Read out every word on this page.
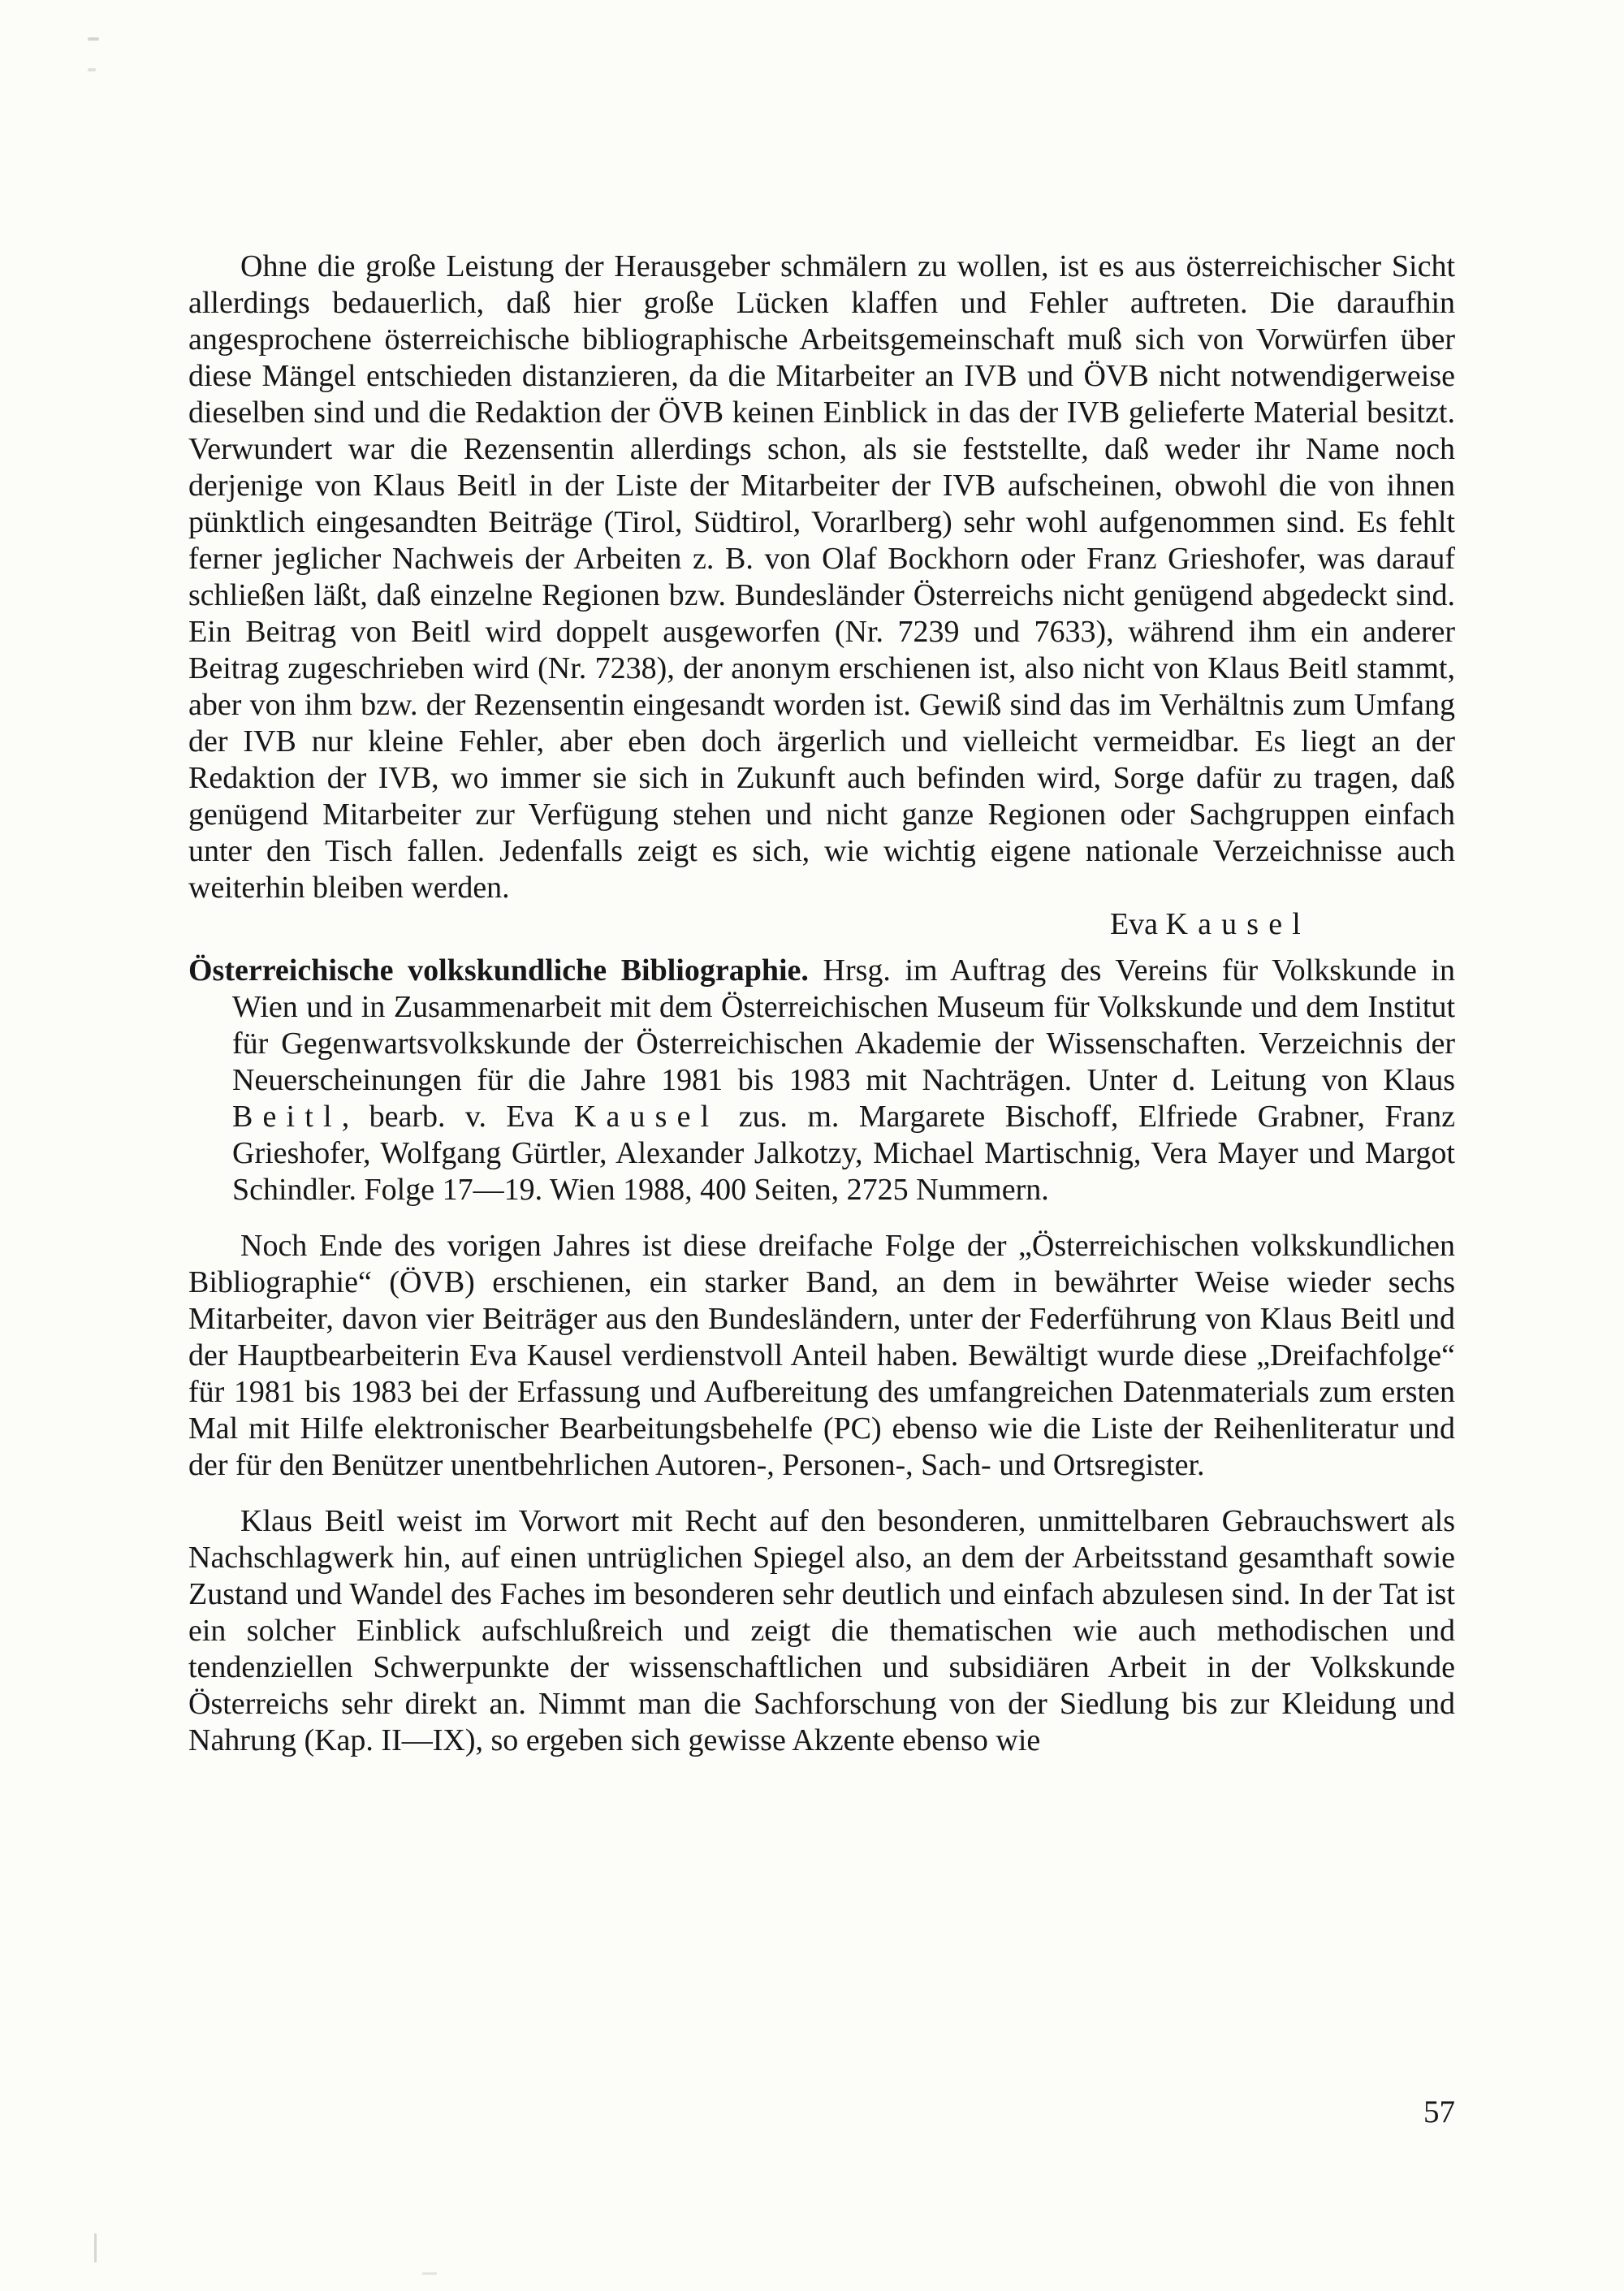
Ohne die große Leistung der Herausgeber schmälern zu wollen, ist es aus österreichischer Sicht allerdings bedauerlich, daß hier große Lücken klaffen und Fehler auftreten. Die daraufhin angesprochene österreichische bibliographische Arbeitsgemeinschaft muß sich von Vorwürfen über diese Mängel entschieden distanzieren, da die Mitarbeiter an IVB und ÖVB nicht notwendigerweise dieselben sind und die Redaktion der ÖVB keinen Einblick in das der IVB gelieferte Material besitzt. Verwundert war die Rezensentin allerdings schon, als sie feststellte, daß weder ihr Name noch derjenige von Klaus Beitl in der Liste der Mitarbeiter der IVB aufscheinen, obwohl die von ihnen pünktlich eingesandten Beiträge (Tirol, Südtirol, Vorarlberg) sehr wohl aufgenommen sind. Es fehlt ferner jeglicher Nachweis der Arbeiten z. B. von Olaf Bockhorn oder Franz Grieshofer, was darauf schließen läßt, daß einzelne Regionen bzw. Bundesländer Österreichs nicht genügend abgedeckt sind. Ein Beitrag von Beitl wird doppelt ausgeworfen (Nr. 7239 und 7633), während ihm ein anderer Beitrag zugeschrieben wird (Nr. 7238), der anonym erschienen ist, also nicht von Klaus Beitl stammt, aber von ihm bzw. der Rezensentin eingesandt worden ist. Gewiß sind das im Verhältnis zum Umfang der IVB nur kleine Fehler, aber eben doch ärgerlich und vielleicht vermeidbar. Es liegt an der Redaktion der IVB, wo immer sie sich in Zukunft auch befinden wird, Sorge dafür zu tragen, daß genügend Mitarbeiter zur Verfügung stehen und nicht ganze Regionen oder Sachgruppen einfach unter den Tisch fallen. Jedenfalls zeigt es sich, wie wichtig eigene nationale Verzeichnisse auch weiterhin bleiben werden.

Eva Kausel

Österreichische volkskundliche Bibliographie. Hrsg. im Auftrag des Vereins für Volkskunde in Wien und in Zusammenarbeit mit dem Österreichischen Museum für Volkskunde und dem Institut für Gegenwartsvolkskunde der Österreichischen Akademie der Wissenschaften. Verzeichnis der Neuerscheinungen für die Jahre 1981 bis 1983 mit Nachträgen. Unter d. Leitung von Klaus Beitl, bearb. v. Eva Kausel zus. m. Margarete Bischoff, Elfriede Grabner, Franz Grieshofer, Wolfgang Gürtler, Alexander Jalkotzy, Michael Martischnig, Vera Mayer und Margot Schindler. Folge 17—19. Wien 1988, 400 Seiten, 2725 Nummern.

Noch Ende des vorigen Jahres ist diese dreifache Folge der „Österreichischen volkskundlichen Bibliographie“ (ÖVB) erschienen, ein starker Band, an dem in bewährter Weise wieder sechs Mitarbeiter, davon vier Beiträger aus den Bundesländern, unter der Federführung von Klaus Beitl und der Hauptbearbeiterin Eva Kausel verdienstvoll Anteil haben. Bewältigt wurde diese „Dreifachfolge“ für 1981 bis 1983 bei der Erfassung und Aufbereitung des umfangreichen Datenmaterials zum ersten Mal mit Hilfe elektronischer Bearbeitungsbehelfe (PC) ebenso wie die Liste der Reihenliteratur und der für den Benützer unentbehrlichen Autoren-, Personen-, Sach- und Ortsregister.

Klaus Beitl weist im Vorwort mit Recht auf den besonderen, unmittelbaren Gebrauchswert als Nachschlagwerk hin, auf einen untrüglichen Spiegel also, an dem der Arbeitsstand gesamthaft sowie Zustand und Wandel des Faches im besonderen sehr deutlich und einfach abzulesen sind. In der Tat ist ein solcher Einblick aufschlußreich und zeigt die thematischen wie auch methodischen und tendenziellen Schwerpunkte der wissenschaftlichen und subsidiären Arbeit in der Volkskunde Österreichs sehr direkt an. Nimmt man die Sachforschung von der Siedlung bis zur Kleidung und Nahrung (Kap. II—IX), so ergeben sich gewisse Akzente ebenso wie

57
